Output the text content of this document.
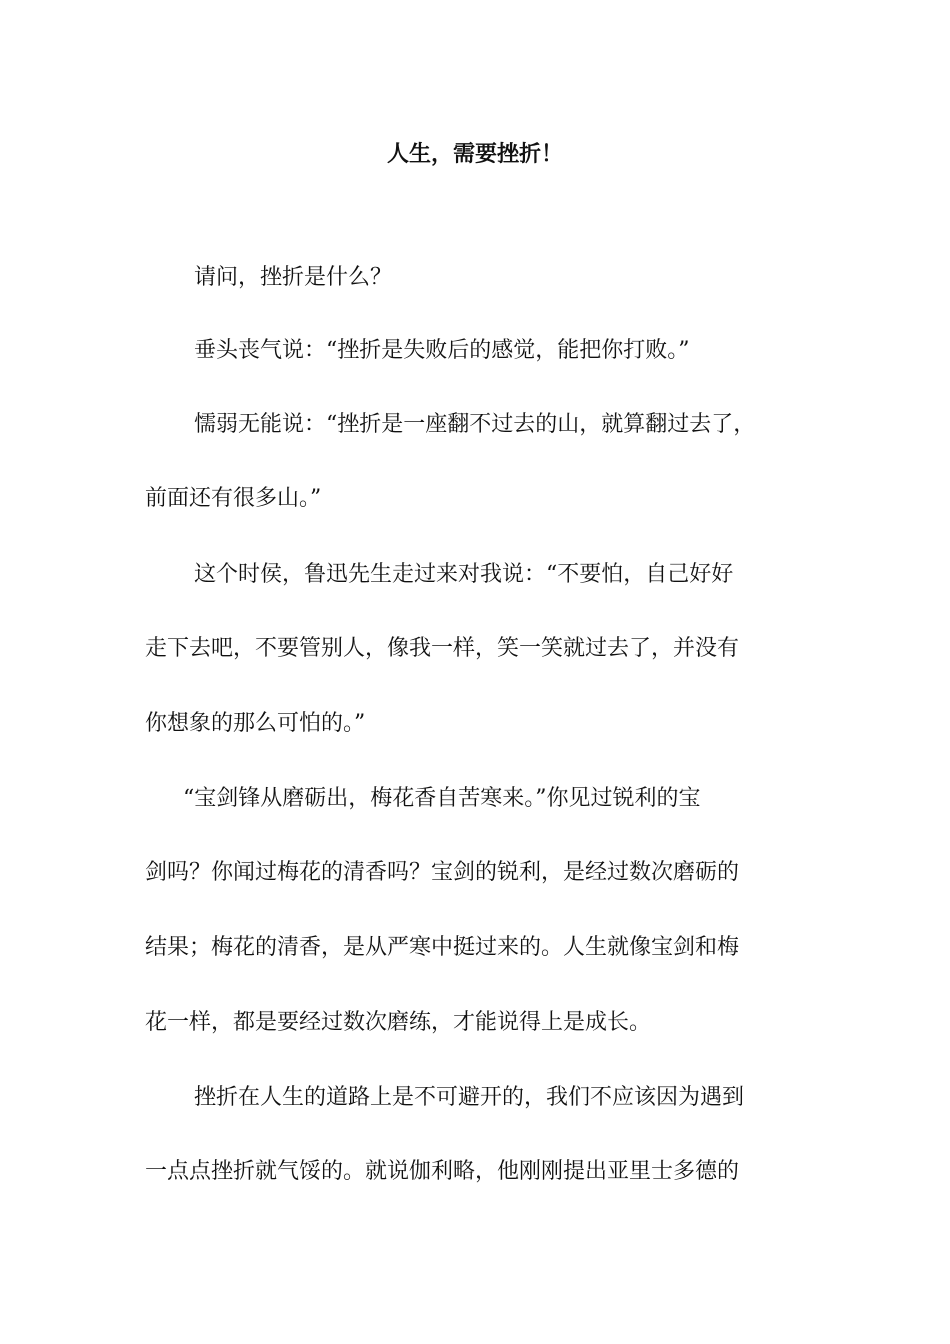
人生，需要挫折！

请问，挫折是什么？

垂头丧气说：“挫折是失败后的感觉，能把你打败。”

懦弱无能说：“挫折是一座翻不过去的山，就算翻过去了，

前面还有很多山。”

这个时侯，鲁迅先生走过来对我说：“不要怕，自己好好

走下去吧，不要管别人，像我一样，笑一笑就过去了，并没有

你想象的那么可怕的。”

“宝剑锋从磨砺出，梅花香自苦寒来。”你见过锐利的宝

剑吗？你闻过梅花的清香吗？宝剑的锐利，是经过数次磨砺的

结果；梅花的清香，是从严寒中挺过来的。人生就像宝剑和梅

花一样，都是要经过数次磨练，才能说得上是成长。

挫折在人生的道路上是不可避开的，我们不应该因为遇到

一点点挫折就气馁的。就说伽利略，他刚刚提出亚里士多德的
